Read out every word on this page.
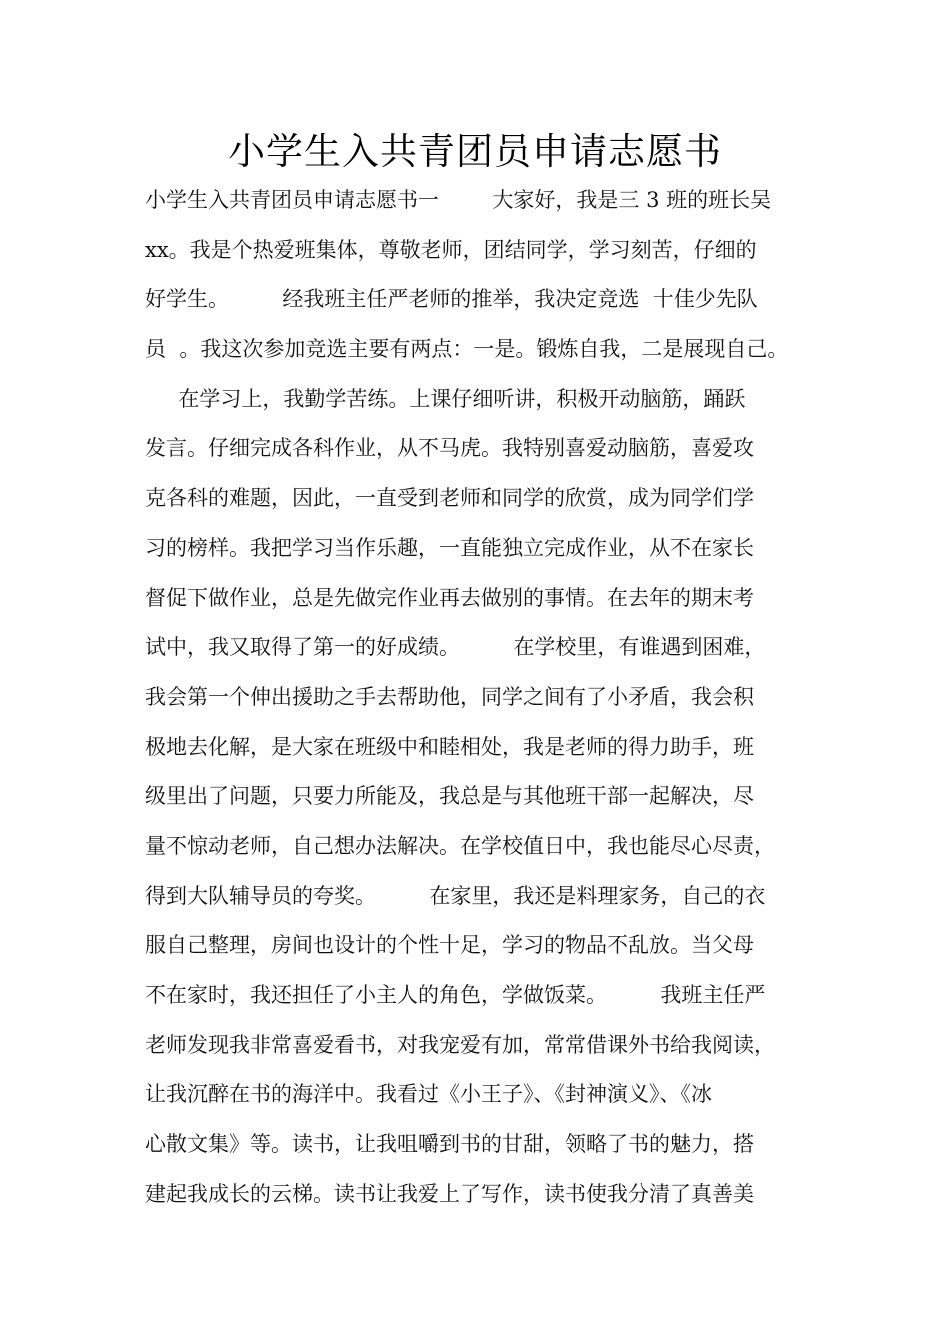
小学生入共青团员申请志愿书
小学生入共青团员申请志愿书一        大家好，我是三 3 班的班长吴
xx。我是个热爱班集体，尊敬老师，团结同学，学习刻苦，仔细的
好学生。        经我班主任严老师的推举，我决定竞选  十佳少先队
员  。我这次参加竞选主要有两点：一是。锻炼自我，二是展现自己。
在学习上，我勤学苦练。上课仔细听讲，积极开动脑筋，踊跃
发言。仔细完成各科作业，从不马虎。我特别喜爱动脑筋，喜爱攻
克各科的难题，因此，一直受到老师和同学的欣赏，成为同学们学
习的榜样。我把学习当作乐趣，一直能独立完成作业，从不在家长
督促下做作业，总是先做完作业再去做别的事情。在去年的期末考
试中，我又取得了第一的好成绩。        在学校里，有谁遇到困难，
我会第一个伸出援助之手去帮助他，同学之间有了小矛盾，我会积
极地去化解，是大家在班级中和睦相处，我是老师的得力助手，班
级里出了问题，只要力所能及，我总是与其他班干部一起解决，尽
量不惊动老师，自己想办法解决。在学校值日中，我也能尽心尽责，
得到大队辅导员的夸奖。        在家里，我还是料理家务，自己的衣
服自己整理，房间也设计的个性十足，学习的物品不乱放。当父母
不在家时，我还担任了小主人的角色，学做饭菜。        我班主任严
老师发现我非常喜爱看书，对我宠爱有加，常常借课外书给我阅读，
让我沉醉在书的海洋中。我看过《小王子》、《封神演义》、《冰
心散文集》等。读书，让我咀嚼到书的甘甜，领略了书的魅力，搭
建起我成长的云梯。读书让我爱上了写作，读书使我分清了真善美
